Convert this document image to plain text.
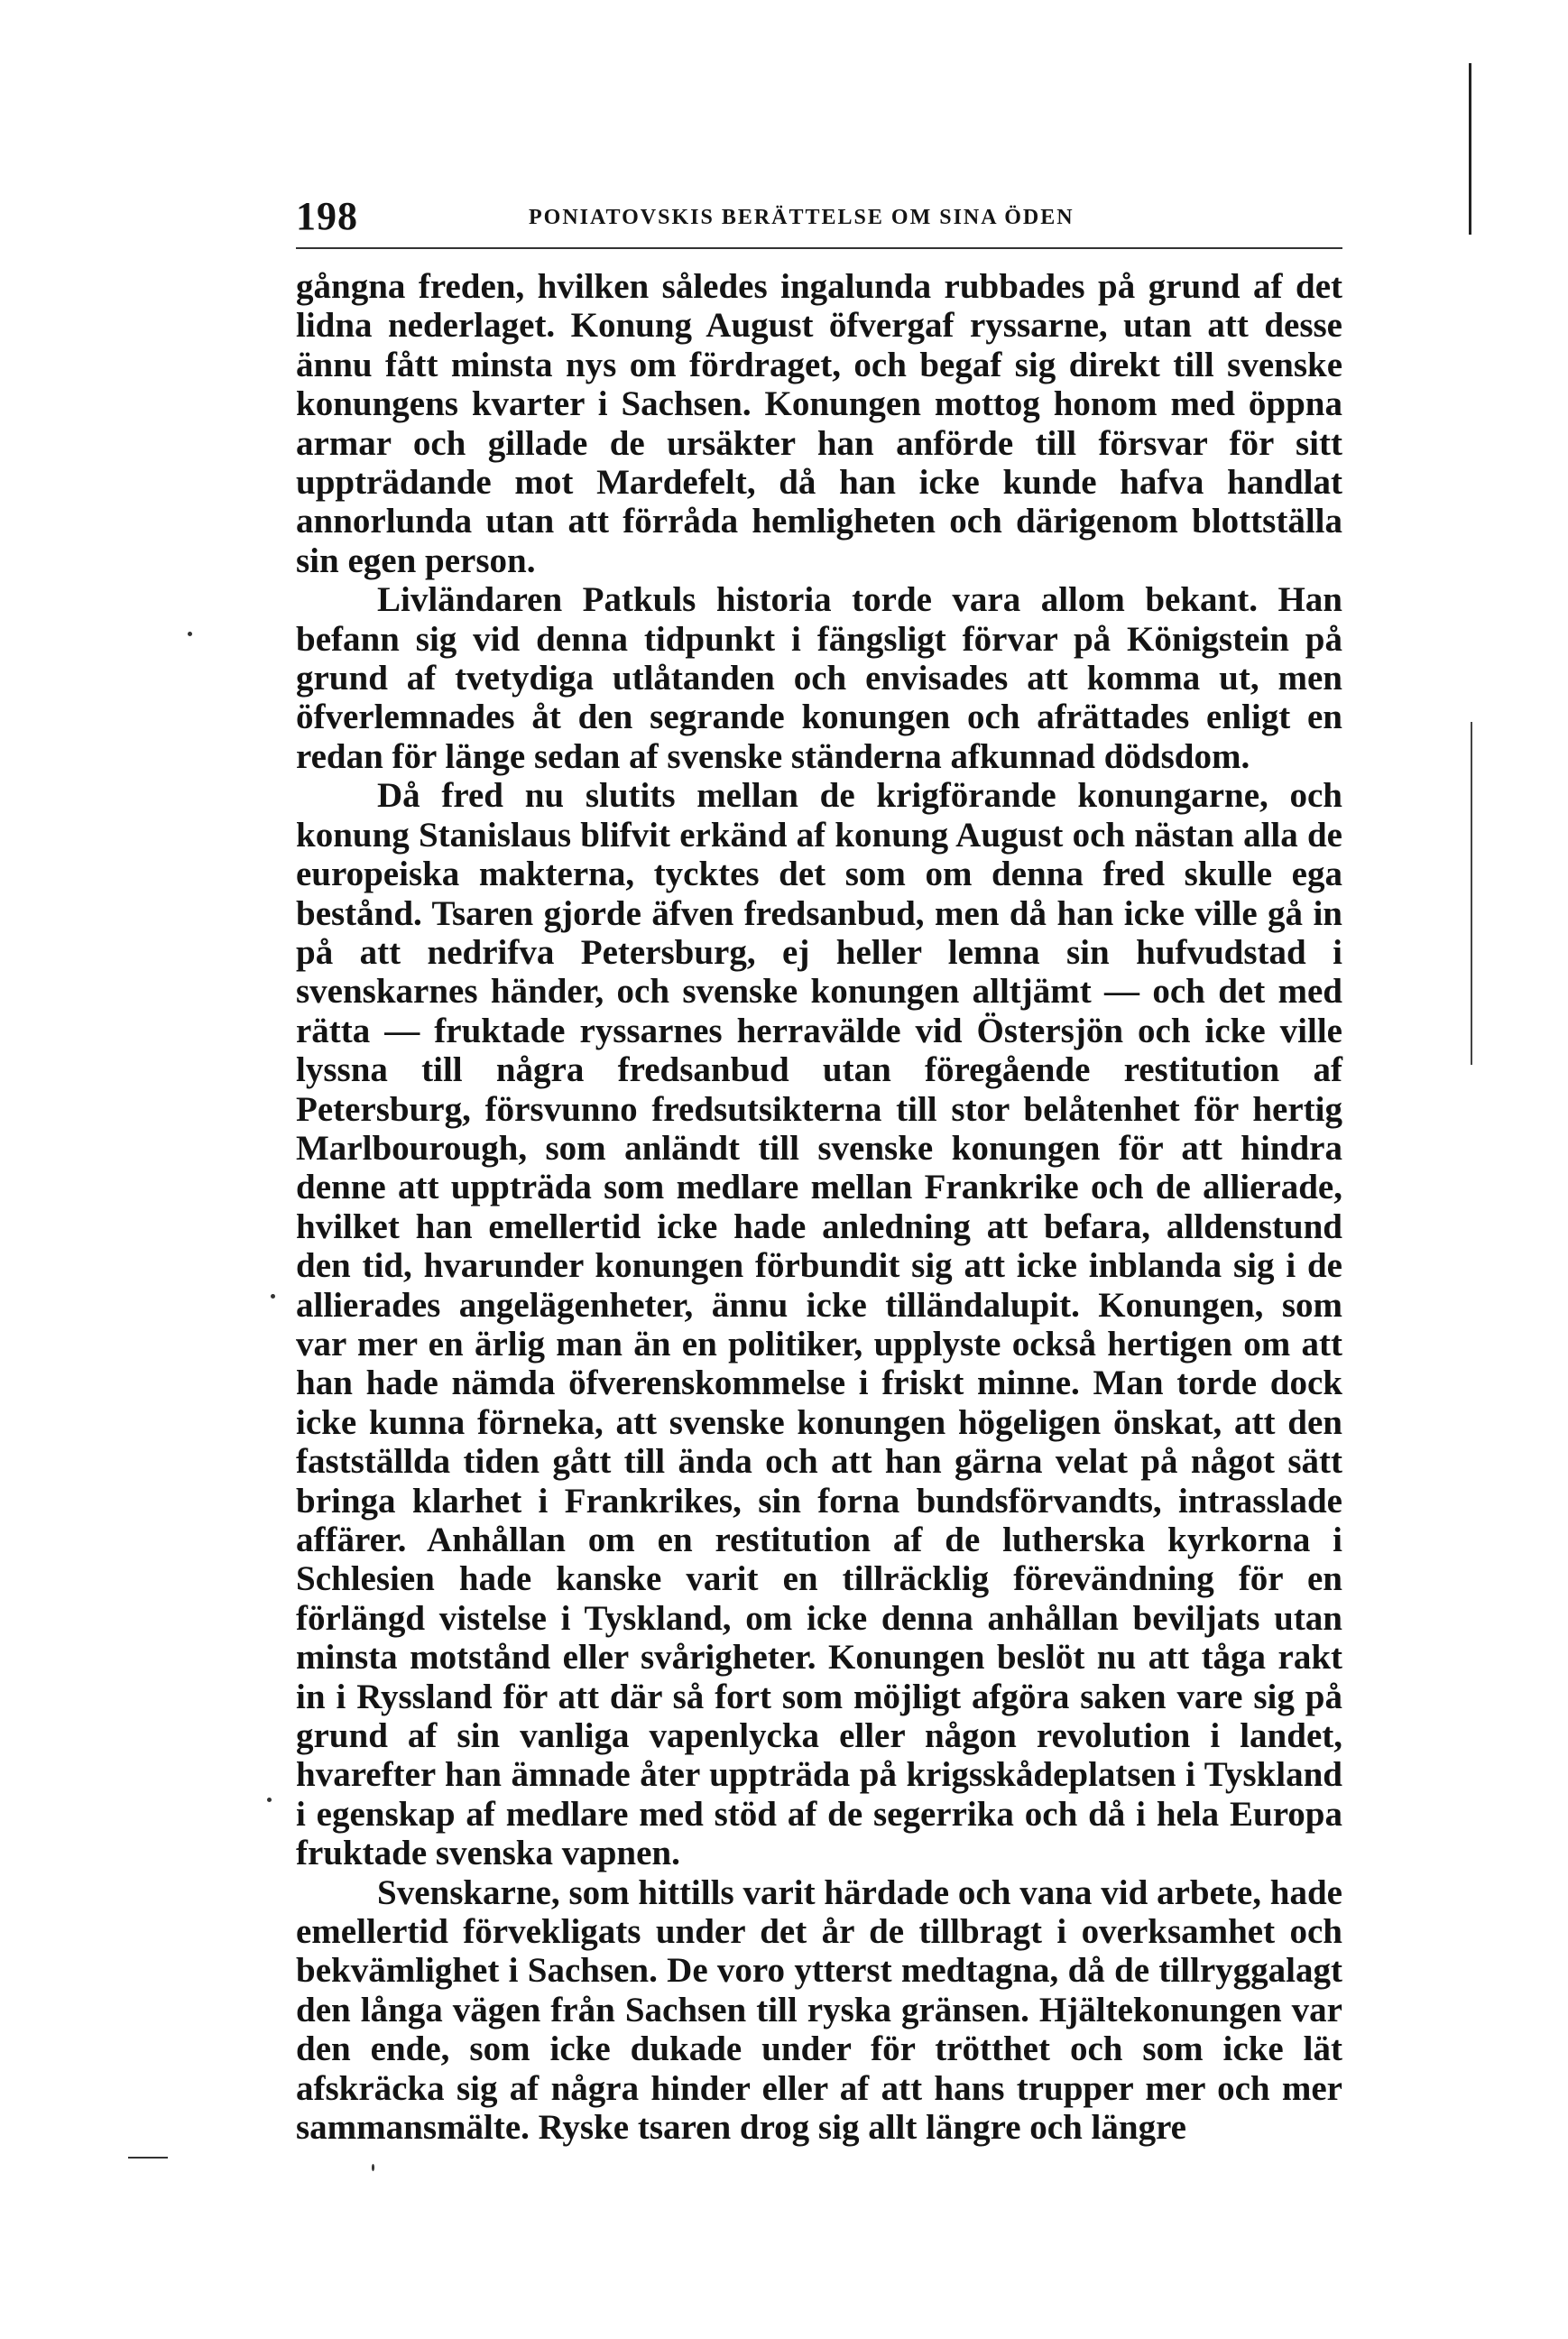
198	PONIATOVSKIS BERÄTTELSE OM SINA ÖDEN

gångna freden, hvilken således ingalunda rubbades på grund af det lidna nederlaget. Konung August öfvergaf ryssarne, utan att desse ännu fått minsta nys om fördraget, och begaf sig direkt till svenske konungens kvarter i Sachsen. Konungen mottog honom med öppna armar och gillade de ursäkter han anförde till försvar för sitt uppträdande mot Mardefelt, då han icke kunde hafva handlat annorlunda utan att förråda hemligheten och därigenom blottställa sin egen person.

Livländaren Patkuls historia torde vara allom bekant. Han befann sig vid denna tidpunkt i fängsligt förvar på Königstein på grund af tvetydiga utlåtanden och envisades att komma ut, men öfverlemnades åt den segrande konungen och afrättades enligt en redan för länge sedan af svenske ständerna afkunnad dödsdom.

Då fred nu slutits mellan de krigförande konungarne, och konung Stanislaus blifvit erkänd af konung August och nästan alla de europeiska makterna, tycktes det som om denna fred skulle ega bestånd. Tsaren gjorde äfven fredsanbud, men då han icke ville gå in på att nedrifva Petersburg, ej heller lemna sin hufvudstad i svenskarnes händer, och svenske konungen alltjämt — och det med rätta — fruktade ryssarnes herravälde vid Östersjön och icke ville lyssna till några fredsanbud utan föregående restitution af Petersburg, försvunno fredsutsikterna till stor belåtenhet för hertig Marlbourough, som anländt till svenske konungen för att hindra denne att uppträda som medlare mellan Frankrike och de allierade, hvilket han emellertid icke hade anledning att befara, alldenstund den tid, hvarunder konungen förbundit sig att icke inblanda sig i de allierades angelägenheter, ännu icke tilländalupit. Konungen, som var mer en ärlig man än en politiker, upplyste också hertigen om att han hade nämda öfverenskommelse i friskt minne. Man torde dock icke kunna förneka, att svenske konungen högeligen önskat, att den fastställda tiden gått till ända och att han gärna velat på något sätt bringa klarhet i Frankrikes, sin forna bundsförvandts, intrasslade affärer. Anhållan om en restitution af de lutherska kyrkorna i Schlesien hade kanske varit en tillräcklig förevändning för en förlängd vistelse i Tyskland, om icke denna anhållan beviljats utan minsta motstånd eller svårigheter. Konungen beslöt nu att tåga rakt in i Ryssland för att där så fort som möjligt afgöra saken vare sig på grund af sin vanliga vapenlycka eller någon revolution i landet, hvarefter han ämnade åter uppträda på krigsskådeplatsen i Tyskland i egenskap af medlare med stöd af de segerrika och då i hela Europa fruktade svenska vapnen.

Svenskarne, som hittills varit härdade och vana vid arbete, hade emellertid förvekligats under det år de tillbragt i overksamhet och bekvämlighet i Sachsen. De voro ytterst medtagna, då de tillryggalagt den långa vägen från Sachsen till ryska gränsen. Hjältekonungen var den ende, som icke dukade under för trötthet och som icke lät afskräcka sig af några hinder eller af att hans trupper mer och mer sammansmälte. Ryske tsaren drog sig allt längre och längre
